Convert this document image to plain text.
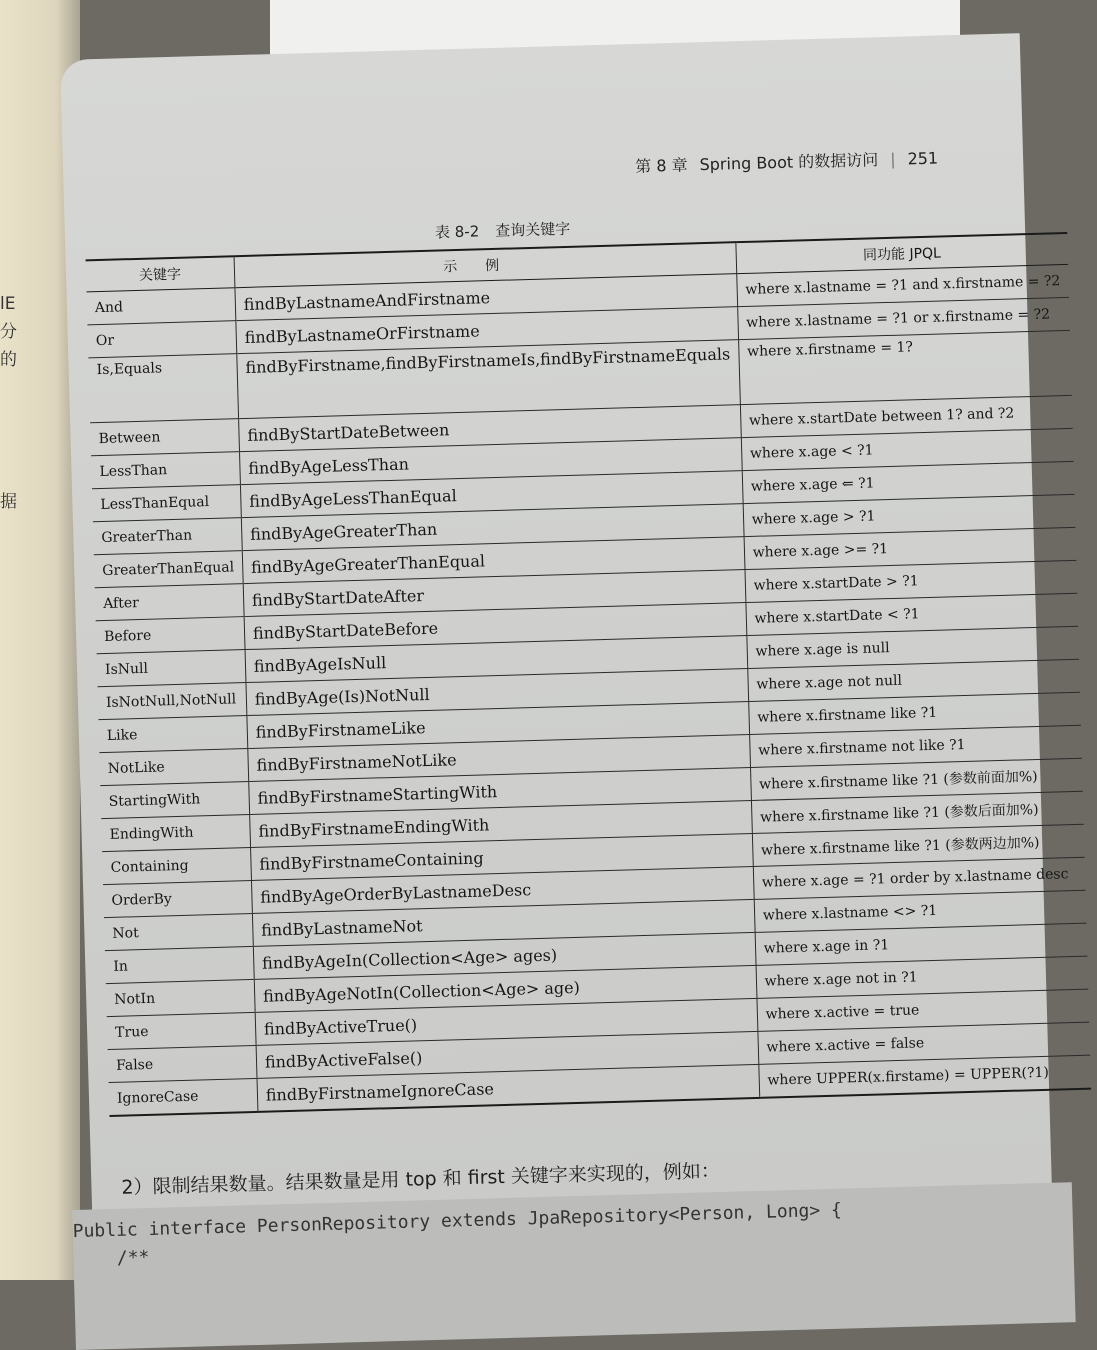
lE
分
的
据
第 8 章 Spring Boot 的数据访问 | 251
表 8-2 查询关键字
关键字	示例	同功能 JPQL
And	findByLastnameAndFirstname	where x.lastname = ?1 and x.firstname = ?2
Or	findByLastnameOrFirstname	where x.lastname = ?1 or x.firstname = ?2
Is,Equals	findByFirstname,findByFirstnameIs,findByFirstnameEquals	where x.firstname = 1?
Between	findByStartDateBetween	where x.startDate between 1? and ?2
LessThan	findByAgeLessThan	where x.age < ?1
LessThanEqual	findByAgeLessThanEqual	where x.age ⇐ ?1
GreaterThan	findByAgeGreaterThan	where x.age > ?1
GreaterThanEqual	findByAgeGreaterThanEqual	where x.age >= ?1
After	findByStartDateAfter	where x.startDate > ?1
Before	findByStartDateBefore	where x.startDate < ?1
IsNull	findByAgeIsNull	where x.age is null
IsNotNull,NotNull	findByAge(Is)NotNull	where x.age not null
Like	findByFirstnameLike	where x.firstname like ?1
NotLike	findByFirstnameNotLike	where x.firstname not like ?1
StartingWith	findByFirstnameStartingWith	where x.firstname like ?1 (参数前面加%)
EndingWith	findByFirstnameEndingWith	where x.firstname like ?1 (参数后面加%)
Containing	findByFirstnameContaining	where x.firstname like ?1 (参数两边加%)
OrderBy	findByAgeOrderByLastnameDesc	where x.age = ?1 order by x.lastname desc
Not	findByLastnameNot	where x.lastname <> ?1
In	findByAgeIn(Collection<Age> ages)	where x.age in ?1
NotIn	findByAgeNotIn(Collection<Age> age)	where x.age not in ?1
True	findByActiveTrue()	where x.active = true
False	findByActiveFalse()	where x.active = false
IgnoreCase	findByFirstnameIgnoreCase	where UPPER(x.firstame) = UPPER(?1)
2）限制结果数量。结果数量是用 top 和 first 关键字来实现的，例如：
Public interface PersonRepository extends JpaRepository<Person, Long> {
/**
